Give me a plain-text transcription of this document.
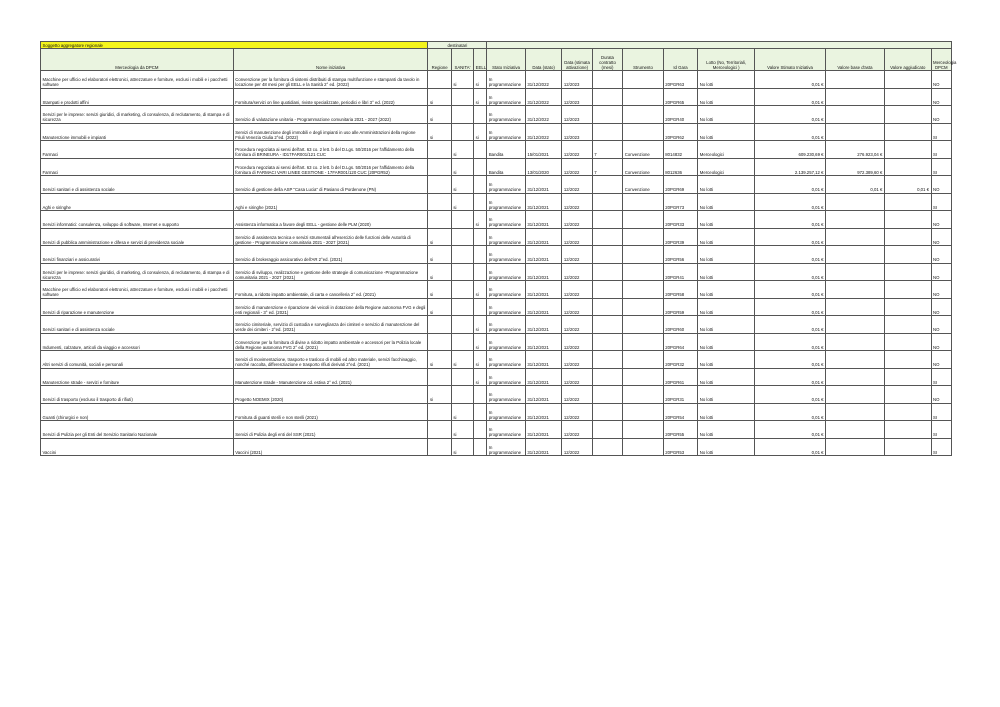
Soggetto aggregatore regionale		destinatari													
Merceologia da DPCM	Nome iniziativa	Regione	SANITA'	EELL	Stato Iniziativa	Data (stato)	Data (stimata attivazione)	Durata contratto (mesi)	Strumento	Id Gara	Lotto (No, Territoriali, Merceologici )	Valore Stimato Iniziativa	Valore base d'asta	Valore aggiudicato	Merceologia DPCM
Macchine per ufficio ed elaboratori elettronici, attrezzature e forniture, esclusi i mobili e i pacchetti software	Convenzione per la fornitura di sistemi distribuiti di stampa multifunzione e stampanti da tavolo in locazione per 48 mesi per gli EELL e la Sanità 2° ed. (2022)		si	si	In programmazione	31/12/2022	12/2023			20PGR63	No lotti	0,01 €			NO
Stampati e prodotti affini	Fornitura/servizi on line quotidiani, riviste specializzate, periodici e libri 3° ed. (2022)	si		si	In programmazione	31/12/2022	12/2023			20PGR65	No lotti	0,01 €			NO
Servizi per le imprese: servizi giuridici, di marketing, di consulenza, di reclutamento, di stampa e di sicurezza	Servizio di valutazione unitaria - Programmazione comunitaria 2021 - 2027 (2022)	si			In programmazione	31/12/2022	12/2023			20PGR40	No lotti	0,01 €			NO
Manutenzione immobili e impianti	Servizi di manutenzione degli immobili e degli impianti in uso alle Amministrazioni della regione Friuli Venezia Giulia 2°ed. (2022)	si		si	In programmazione	31/12/2022	12/2023			20PGR62	No lotti	0,01 €			SI
Farmaci	Procedura negoziata ai sensi dell'art. 63 co. 2 lett. b del D.Lgs. 50/2016 per l'affidamento della fornitura di BRINEURA - ID17FAR001/121 CUC		si		Bandita	15/01/2021	12/2022	7	Convenzione	8014832	Merceologici	609.230,69 €	276.923,04 €		SI
Farmaci	Procedura negoziata ai sensi dell'art. 63 co. 2 lett. b del D.Lgs. 50/2016 per l'affidamento della fornitura di FARMACI VARI LINEE GESTIONE - 17FAR001/120 CUC (20PGR52)		si		Bandita	13/01/2020	12/2022	7	Convenzione	8012636	Merceologici	2.139.257,12 €	972.389,60 €		SI
Servizi sanitari e di assistenza sociale	Servizio di gestione della ASP "Casa Lucia" di Pasiano di Pordenone (PN)		si		In programmazione	31/12/2021	12/2022		Convenzione	20PGR69	No lotti	0,01 €	0,01 €	0,01 €	NO
Aghi e siringhe	Aghi e siringhe (2021)		si		In programmazione	31/12/2021	12/2022			20PGR73	No lotti	0,01 €			SI
Servizi informatici: consulenza, sviluppo di software, Internet e supporto	Assistenza informatica a favore degli EELL - gestione delle PLM (2020)			si	In programmazione	31/12/2021	12/2022			20PGR33	No lotti	0,01 €			NO
Servizi di pubblica amministrazione e difesa e servizi di previdenza sociale	Servizio di assistenza tecnica e servizi strumentali all'esercizio delle funzioni delle Autorità di gestione - Programmazione comunitaria 2021 - 2027 (2021)	si			In programmazione	31/12/2021	12/2022			20PGR39	No lotti	0,01 €			NO
Servizi finanziari e assicurativi	Servizio di brokeraggio assicurativo dell'AR 2°ed. (2021)	si			In programmazione	31/12/2021	12/2022			20PGR56	No lotti	0,01 €			NO
Servizi per le imprese: servizi giuridici, di marketing, di consulenza, di reclutamento, di stampa e di sicurezza	Servizio di sviluppo, realizzazione e gestione delle strategie di comunicazione -Programmazione comunitaria 2021 - 2027 (2021)	si			In programmazione	31/12/2021	12/2022			20PGR41	No lotti	0,01 €			NO
Macchine per ufficio ed elaboratori elettronici, attrezzature e forniture, esclusi i mobili e i pacchetti software	Fornitura, a ridotto impatto ambientale, di carta e cancelleria 2° ed. (2021)	si		si	In programmazione	31/12/2021	12/2022			20PGR58	No lotti	0,01 €			NO
Servizi di riparazione e manutenzione	Servizio di manutenzione e riparazione dei veicoli in dotazione della Regione autonoma FVG e degli enti regionali - 3° ed. (2021)	si			In programmazione	31/12/2021	12/2022			20PGR59	No lotti	0,01 €			NO
Servizi sanitari e di assistenza sociale	Servizio cimiteriale, servizio di custodia e sorveglianza dei cimiteri e servizio di manutenzione del verde dei cimiteri - 2°ed. (2021)			si	In programmazione	31/12/2021	12/2022			20PGR60	No lotti	0,01 €			NO
Indumenti, calzature, articoli da viaggio e accessori	Convenzione per la fornitura di divise a ridotto impatto ambientale e accessori per la Polizia locale della Regione autonoma FVG 2° ed. (2021)			si	In programmazione	31/12/2021	12/2022			20PGR64	No lotti	0,01 €			NO
Altri servizi di comunità, sociali e personali	Servizi di movimentazione, trasporto e trasloco di mobili ed altro materiale, servizi facchinaggio, nonché raccolta, differenziazione e trasporto rifiuti derivati 2°ed. (2021)	si	si	si	In programmazione	31/12/2021	12/2022			20PGR32	No lotti	0,01 €			NO
Manutenzione strade - servizi e forniture	Manutenzione strade - Manutenzione cd. estiva 2° ed. (2021)			si	In programmazione	31/12/2021	12/2022			20PGR61	No lotti	0,01 €			SI
Servizi di trasporto (escluso il trasporto di rifiuti)	Progetto NOEMIX (2020)	si			In programmazione	31/12/2021	12/2022			20PGR31	No lotti	0,01 €			NO
Guanti (chirurgici e non)	Fornitura di guanti sterili e non sterili (2021)		si		In programmazione	31/12/2021	12/2022			20PGR54	No lotti	0,01 €			SI
Servizi di Pulizia per gli Enti del Servizio Sanitario Nazionale	Servizi di Pulizia degli enti del SSR (2021)		si		In programmazione	31/12/2021	12/2022			20PGR55	No lotti	0,01 €			SI
Vaccini	Vaccini (2021)		si		In programmazione	31/12/2021	12/2022			20PGR53	No lotti	0,01 €			SI
